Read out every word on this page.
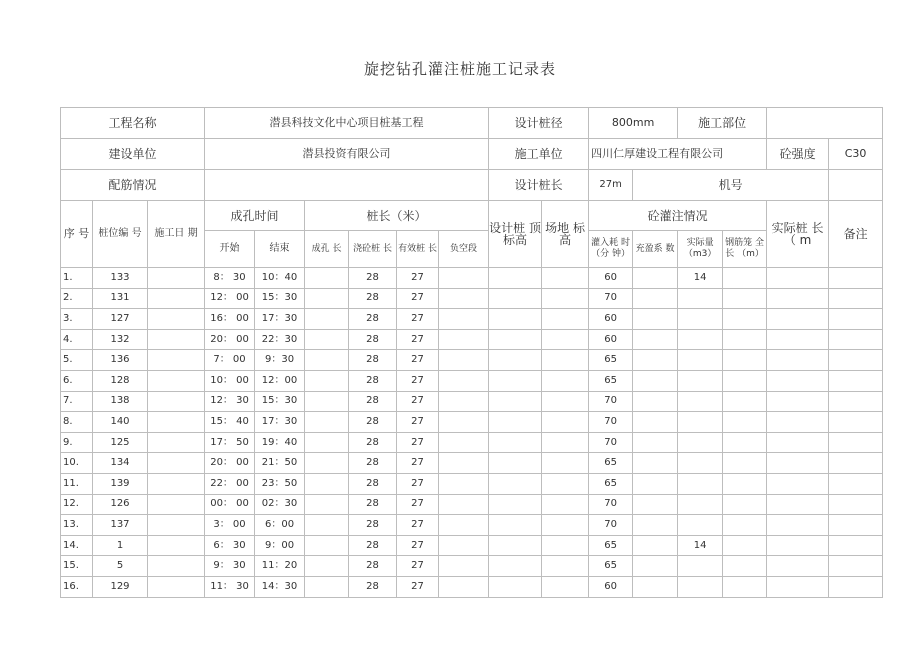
旋挖钻孔灌注桩施工记录表
工程名称			潜县科技文化中心项目桩基工程						设计桩径		800mm		施工部位			
建设单位			潜县投资有限公司						施工单位		四川仁厚建设工程有限公司				砼强度	C30
配筋情况									设计桩长		27m	机号				
序 号	桩位编 号	施工日 期	成孔时间		桩长（米）				设计桩 顶标高	场地 标 高	砼灌注情况				实际桩 长（ m	备注
			开始	结束	成孔 长	浇砼桩 长	有效桩 长	负空段			灌入耗 时（分 钟）	充盈系 数	实际量 （m3）	钢筋笼 全长 （m）		
1.	133		8： 30	10：40		28	27				60		14			
2.	131		12： 00	15：30		28	27				70					
3.	127		16： 00	17：30		28	27				60					
4.	132		20： 00	22：30		28	27				60					
5.	136		7： 00	9：30		28	27				65					
6.	128		10： 00	12：00		28	27				65					
7.	138		12： 30	15：30		28	27				70					
8.	140		15： 40	17：30		28	27				70					
9.	125		17： 50	19：40		28	27				70					
10.	134		20： 00	21：50		28	27				65					
11.	139		22： 00	23：50		28	27				65					
12.	126		00： 00	02：30		28	27				70					
13.	137		3： 00	6：00		28	27				70					
14.	1		6： 30	9：00		28	27				65		14			
15.	5		9： 30	11：20		28	27				65					
16.	129		11： 30	14：30		28	27				60					
